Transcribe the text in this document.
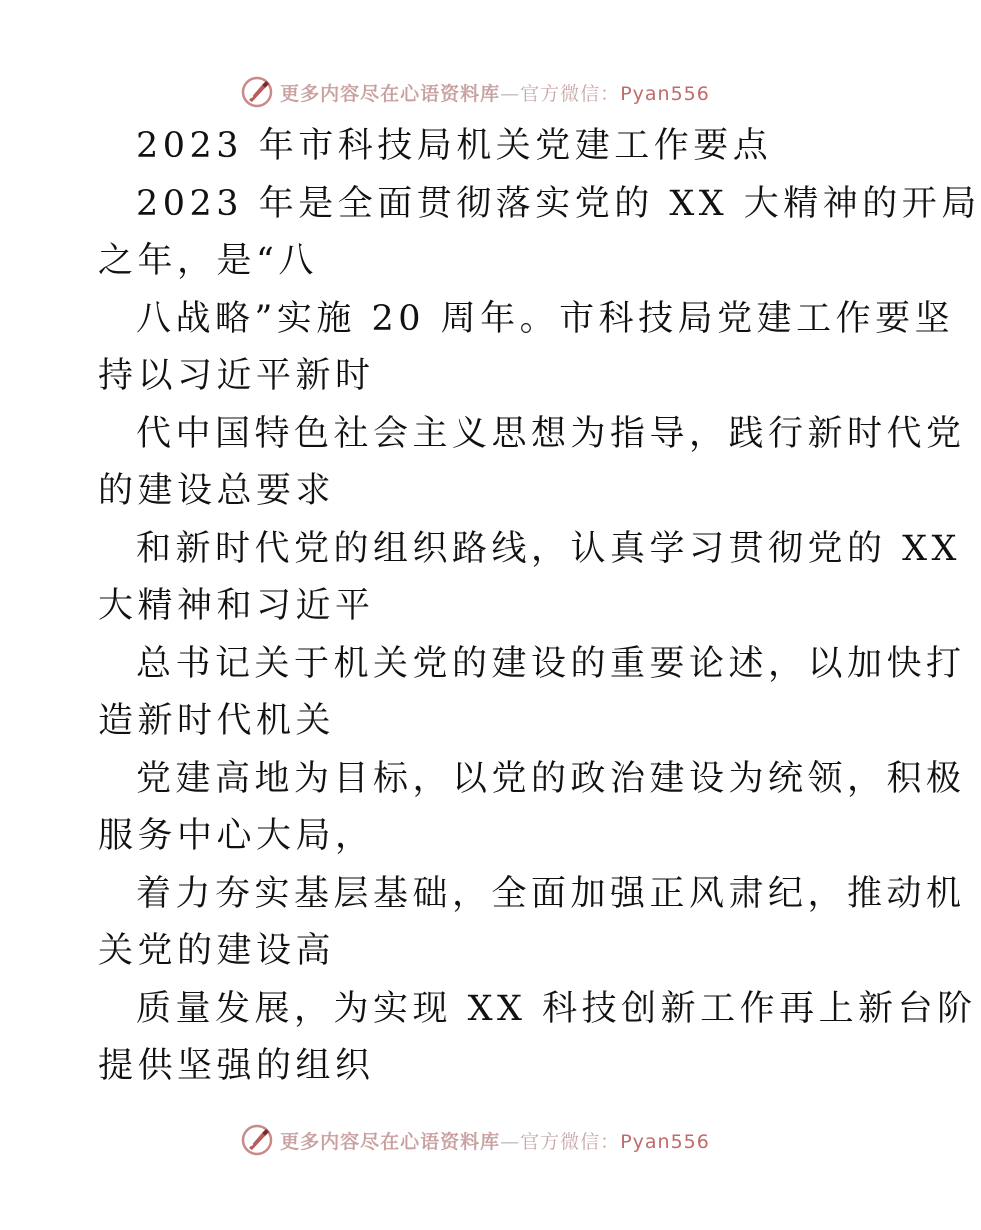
更多内容尽在心语资料库—官方微信：Pyan556
2023 年市科技局机关党建工作要点
2023 年是全面贯彻落实党的 XX 大精神的开局
之年，是“八
八战略”实施 20 周年。市科技局党建工作要坚
持以习近平新时
代中国特色社会主义思想为指导，践行新时代党
的建设总要求
和新时代党的组织路线，认真学习贯彻党的 XX
大精神和习近平
总书记关于机关党的建设的重要论述，以加快打
造新时代机关
党建高地为目标，以党的政治建设为统领，积极
服务中心大局，
着力夯实基层基础，全面加强正风肃纪，推动机
关党的建设高
质量发展，为实现 XX 科技创新工作再上新台阶
提供坚强的组织
更多内容尽在心语资料库—官方微信：Pyan556
